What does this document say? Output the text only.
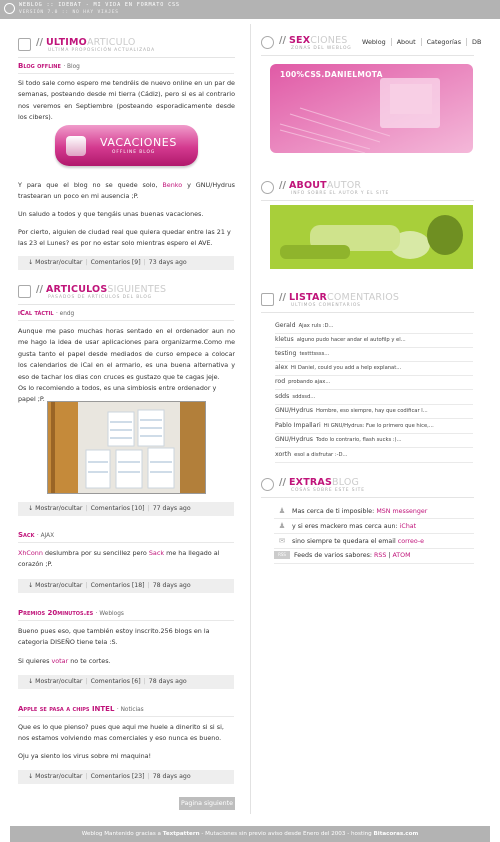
WEBLOG :: IDEBAT - MI VIDA EN FORMATO CSS
VERSIÓN 7.0 :: NO HAY VIAJES
// ULTIMOARTICULO
ULTIMA PROPOSICIÓN ACTUALIZADA
Blog offline · Blog
Si todo sale como espero me tendréis de nuevo online en un par de semanas, posteando desde mi tierra (Cádiz), pero si es al contrario nos veremos en Septiembre (posteando esporadicamente desde los cibers).
VACACIONES
OFFLINE BLOG
Y para que el blog no se quede solo, Benko y GNU/Hydrus trastearan un poco en mi ausencia ;P.
Un saludo a todos y que tengáis unas buenas vacaciones.
Por cierto, alguien de ciudad real que quiera quedar entre las 21 y las 23 el Lunes? es por no estar solo mientras espero el AVE.
↓ Mostrar/ocultar | Comentarios [9] | 73 days ago
// ARTICULOSSIGUIENTES
PASADOS DE ARTICULOS DEL BLOG
iCal táctil · endg
Aunque me paso muchas horas sentado en el ordenador aun no me hago la idea de usar aplicaciones para organizarme.Como me gusta tanto el papel desde mediados de curso empece a colocar los calendarios de iCal en el armario, es una buena alternativa y eso de tachar los dias con cruces es gustazo que te cagas jeje.
Os lo recomiendo a todos, es una simbiosis entre ordenador y papel ;P.
↓ Mostrar/ocultar | Comentarios [10] | 77 days ago
Sack · AJAX
XhConn deslumbra por su sencillez pero Sack me ha llegado al corazón ;P.
↓ Mostrar/ocultar | Comentarios [18] | 78 days ago
Premios 20minutos.es · Weblogs
Bueno pues eso, que también estoy inscrito.256 blogs en la categoria DISEÑO tiene tela :S.
Si quieres votar no te cortes.
↓ Mostrar/ocultar | Comentarios [6] | 78 days ago
Apple se pasa a chips INTEL · Noticias
Que es lo que pienso? pues que aqui me huele a dinerito si si si, nos estamos volviendo mas comerciales y eso nunca es bueno.
Oju ya siento los virus sobre mi maquina!
↓ Mostrar/ocultar | Comentarios [23] | 78 days ago
Pagina siguiente
// SEXCIONES
ZONAS DEL WEBLOG
Weblog About Categorías DB
100%CSS.DANIELMOTA
// ABOUTAUTOR
INFO SOBRE EL AUTOR Y EL SITE
// LISTARCOMENTARIOS
ULTIMOS COMENTARIOS
Gerald Ajax ruls :D...
kletus alguno pudo hacer andar el autofilp y el...
testing testttssss...
alex Hi Daniel, could you add a help explanat...
rod probando ajax...
sdds sddssd...
GNU/Hydrus Hombre, eso siempre, hay que codificar l...
Pablo Impallari Hi GNU/Hydrus: Fue lo primero que hice,...
GNU/Hydrus Todo lo contrario, flash sucks :)...
xorth esol a disfrutar :-D...
// EXTRASBLOG
COSAS SOBRE ESTE SITE
♟ Mas cerca de ti imposible: MSN messenger
♟ y si eres mackero mas cerca aun: iChat
✉ sino siempre te quedara el email correo-e
RSS Feeds de varios sabores: RSS | ATOM
Weblog Mantenido gracias a Textpattern - Mutaciones sin previo aviso desde Enero del 2003 - hosting Bitacoras.com
